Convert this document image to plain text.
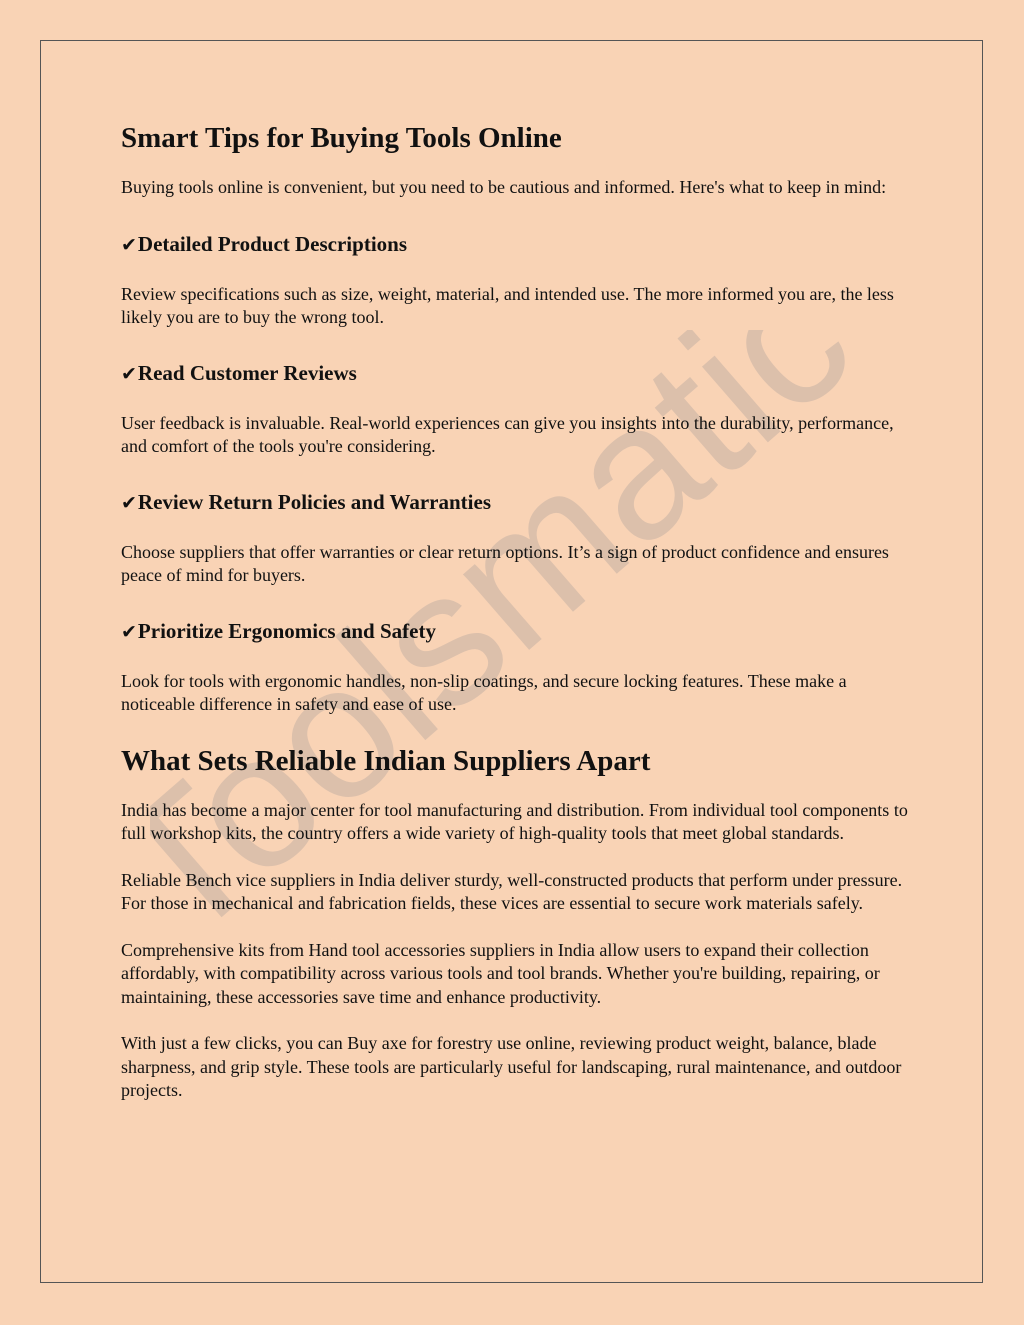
Toolsmatic
Smart Tips for Buying Tools Online

Buying tools online is convenient, but you need to be cautious and informed. Here's what to keep in mind:

✔Detailed Product Descriptions

Review specifications such as size, weight, material, and intended use. The more informed you are, the less likely you are to buy the wrong tool.

✔Read Customer Reviews

User feedback is invaluable. Real-world experiences can give you insights into the durability, performance, and comfort of the tools you're considering.

✔Review Return Policies and Warranties

Choose suppliers that offer warranties or clear return options. It’s a sign of product confidence and ensures peace of mind for buyers.

✔Prioritize Ergonomics and Safety

Look for tools with ergonomic handles, non-slip coatings, and secure locking features. These make a noticeable difference in safety and ease of use.

What Sets Reliable Indian Suppliers Apart

India has become a major center for tool manufacturing and distribution. From individual tool components to full workshop kits, the country offers a wide variety of high-quality tools that meet global standards.

Reliable Bench vice suppliers in India deliver sturdy, well-constructed products that perform under pressure. For those in mechanical and fabrication fields, these vices are essential to secure work materials safely.

Comprehensive kits from Hand tool accessories suppliers in India allow users to expand their collection affordably, with compatibility across various tools and tool brands. Whether you're building, repairing, or maintaining, these accessories save time and enhance productivity.

With just a few clicks, you can Buy axe for forestry use online, reviewing product weight, balance, blade sharpness, and grip style. These tools are particularly useful for landscaping, rural maintenance, and outdoor projects.
